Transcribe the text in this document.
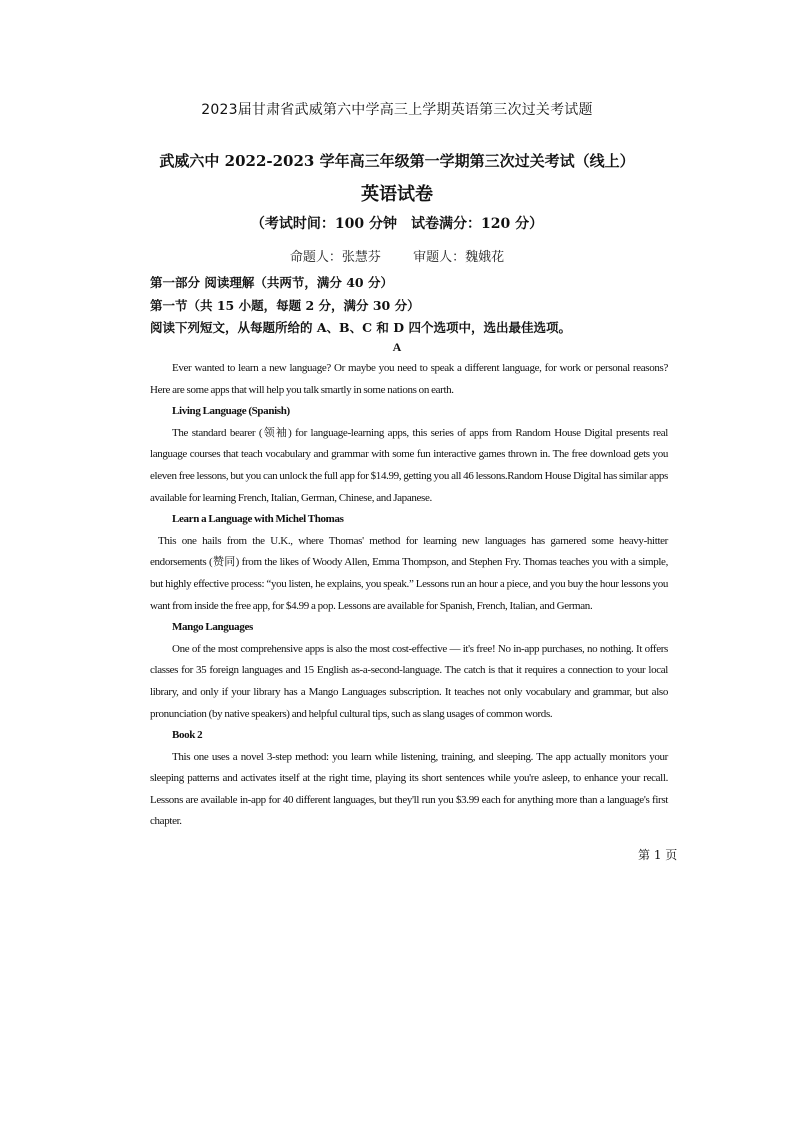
2023届甘肃省武威第六中学高三上学期英语第三次过关考试题
武威六中 2022-2023 学年高三年级第一学期第三次过关考试（线上）
英语试卷
（考试时间：100 分钟　试卷满分：120 分）
命题人：张慧芬 审题人：魏娥花
第一部分 阅读理解（共两节，满分 40 分）
第一节（共 15 小题，每题 2 分，满分 30 分）
阅读下列短文，从每题所给的 A、B、C 和 D 四个选项中，选出最佳选项。
A

Ever wanted to learn a new language? Or maybe you need to speak a different language, for work or personal reasons? Here are some apps that will help you talk smartly in some nations on earth.

Living Language (Spanish)

The standard bearer (领袖) for language-learning apps, this series of apps from Random House Digital presents real language courses that teach vocabulary and grammar with some fun interactive games thrown in. The free download gets you eleven free lessons, but you can unlock the full app for $14.99, getting you all 46 lessons.Random House Digital has similar apps available for learning French, Italian, German, Chinese, and Japanese.

Learn a Language with Michel Thomas

This one hails from the U.K., where Thomas' method for learning new languages has garnered some heavy-hitter endorsements (赞同) from the likes of Woody Allen, Emma Thompson, and Stephen Fry. Thomas teaches you with a simple, but highly effective process: “you listen, he explains, you speak.” Lessons run an hour a piece, and you buy the hour lessons you want from inside the free app, for $4.99 a pop. Lessons are available for Spanish, French, Italian, and German.

Mango Languages

One of the most comprehensive apps is also the most cost-effective — it's free! No in-app purchases, no nothing. It offers classes for 35 foreign languages and 15 English as-a-second-language. The catch is that it requires a connection to your local library, and only if your library has a Mango Languages subscription. It teaches not only vocabulary and grammar, but also pronunciation (by native speakers) and helpful cultural tips, such as slang usages of common words.

Book 2

This one uses a novel 3-step method: you learn while listening, training, and sleeping. The app actually monitors your sleeping patterns and activates itself at the right time, playing its short sentences while you're asleep, to enhance your recall. Lessons are available in-app for 40 different languages, but they'll run you $3.99 each for anything more than a language's first chapter.

第 1 页
